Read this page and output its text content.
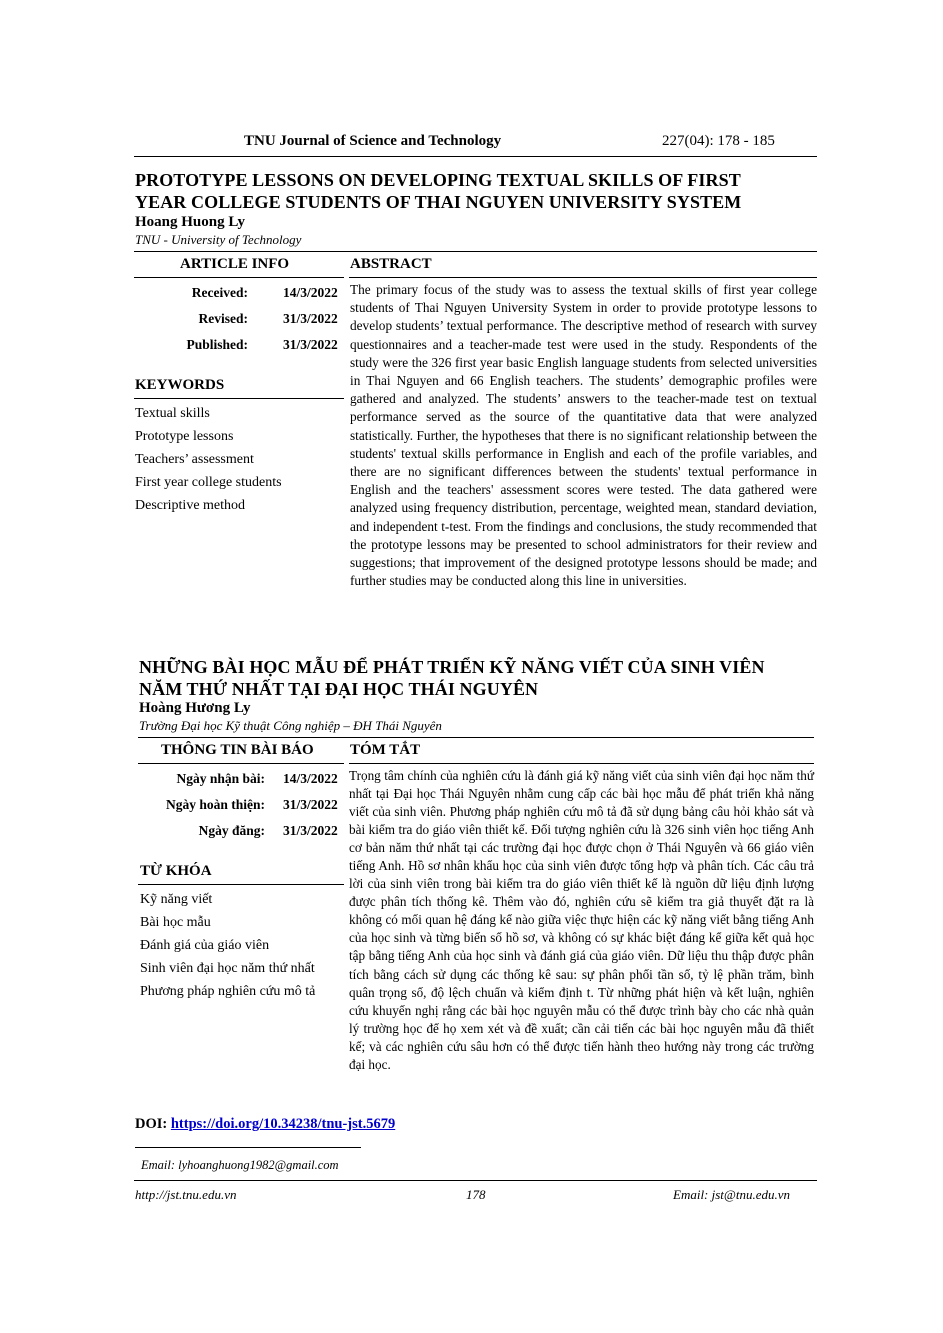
TNU Journal of Science and Technology	227(04): 178 - 185
PROTOTYPE LESSONS ON DEVELOPING TEXTUAL SKILLS OF FIRST
YEAR COLLEGE STUDENTS OF THAI NGUYEN UNIVERSITY SYSTEM
Hoang Huong Ly
TNU - University of Technology
ARTICLE INFO	ABSTRACT
Received:	14/3/2022
Revised:	31/3/2022
Published:	31/3/2022
KEYWORDS
Textual skills
Prototype lessons
Teachers’ assessment
First year college students
Descriptive method
The primary focus of the study was to assess the textual skills of first year college students of Thai Nguyen University System in order to provide prototype lessons to develop students’ textual performance. The descriptive method of research with survey questionnaires and a teacher-made test were used in the study. Respondents of the study were the 326 first year basic English language students from selected universities in Thai Nguyen and 66 English teachers. The students’ demographic profiles were gathered and analyzed. The students’ answers to the teacher-made test on textual performance served as the source of the quantitative data that were analyzed statistically. Further, the hypotheses that there is no significant relationship between the students' textual skills performance in English and each of the profile variables, and there are no significant differences between the students' textual performance in English and the teachers' assessment scores were tested. The data gathered were analyzed using frequency distribution, percentage, weighted mean, standard deviation, and independent t-test. From the findings and conclusions, the study recommended that the prototype lessons may be presented to school administrators for their review and suggestions; that improvement of the designed prototype lessons should be made; and further studies may be conducted along this line in universities.
NHỮNG BÀI HỌC MẪU ĐỂ PHÁT TRIỂN KỸ NĂNG VIẾT CỦA SINH VIÊN
NĂM THỨ NHẤT TẠI ĐẠI HỌC THÁI NGUYÊN
Hoàng Hương Ly
Trường Đại học Kỹ thuật Công nghiệp – ĐH Thái Nguyên
THÔNG TIN BÀI BÁO TÓM TẮT
Ngày nhận bài: 14/3/2022
Ngày hoàn thiện: 31/3/2022
Ngày đăng: 31/3/2022
TỪ KHÓA
Kỹ năng viết
Bài học mẫu
Đánh giá của giáo viên
Sinh viên đại học năm thứ nhất
Phương pháp nghiên cứu mô tả
Trọng tâm chính của nghiên cứu là đánh giá kỹ năng viết của sinh viên đại học năm thứ nhất tại Đại học Thái Nguyên nhằm cung cấp các bài học mẫu để phát triển khả năng viết của sinh viên. Phương pháp nghiên cứu mô tả đã sử dụng bảng câu hỏi khảo sát và bài kiểm tra do giáo viên thiết kế. Đối tượng nghiên cứu là 326 sinh viên học tiếng Anh cơ bản năm thứ nhất tại các trường đại học được chọn ở Thái Nguyên và 66 giáo viên tiếng Anh. Hồ sơ nhân khẩu học của sinh viên được tổng hợp và phân tích. Các câu trả lời của sinh viên trong bài kiểm tra do giáo viên thiết kế là nguồn dữ liệu định lượng được phân tích thống kê. Thêm vào đó, nghiên cứu sẽ kiểm tra giả thuyết đặt ra là không có mối quan hệ đáng kể nào giữa việc thực hiện các kỹ năng viết bằng tiếng Anh của học sinh và từng biến số hồ sơ, và không có sự khác biệt đáng kể giữa kết quả học tập bằng tiếng Anh của học sinh và đánh giá của giáo viên. Dữ liệu thu thập được phân tích bằng cách sử dụng các thống kê sau: sự phân phối tần số, tỷ lệ phần trăm, bình quân trọng số, độ lệch chuẩn và kiểm định t. Từ những phát hiện và kết luận, nghiên cứu khuyến nghị rằng các bài học nguyên mẫu có thể được trình bày cho các nhà quản lý trường học để họ xem xét và đề xuất; cần cải tiến các bài học nguyên mẫu đã thiết kế; và các nghiên cứu sâu hơn có thể được tiến hành theo hướng này trong các trường đại học.
DOI: https://doi.org/10.34238/tnu-jst.5679
Email: lyhoanghuong1982@gmail.com
http://jst.tnu.edu.vn	178	Email: jst@tnu.edu.vn
